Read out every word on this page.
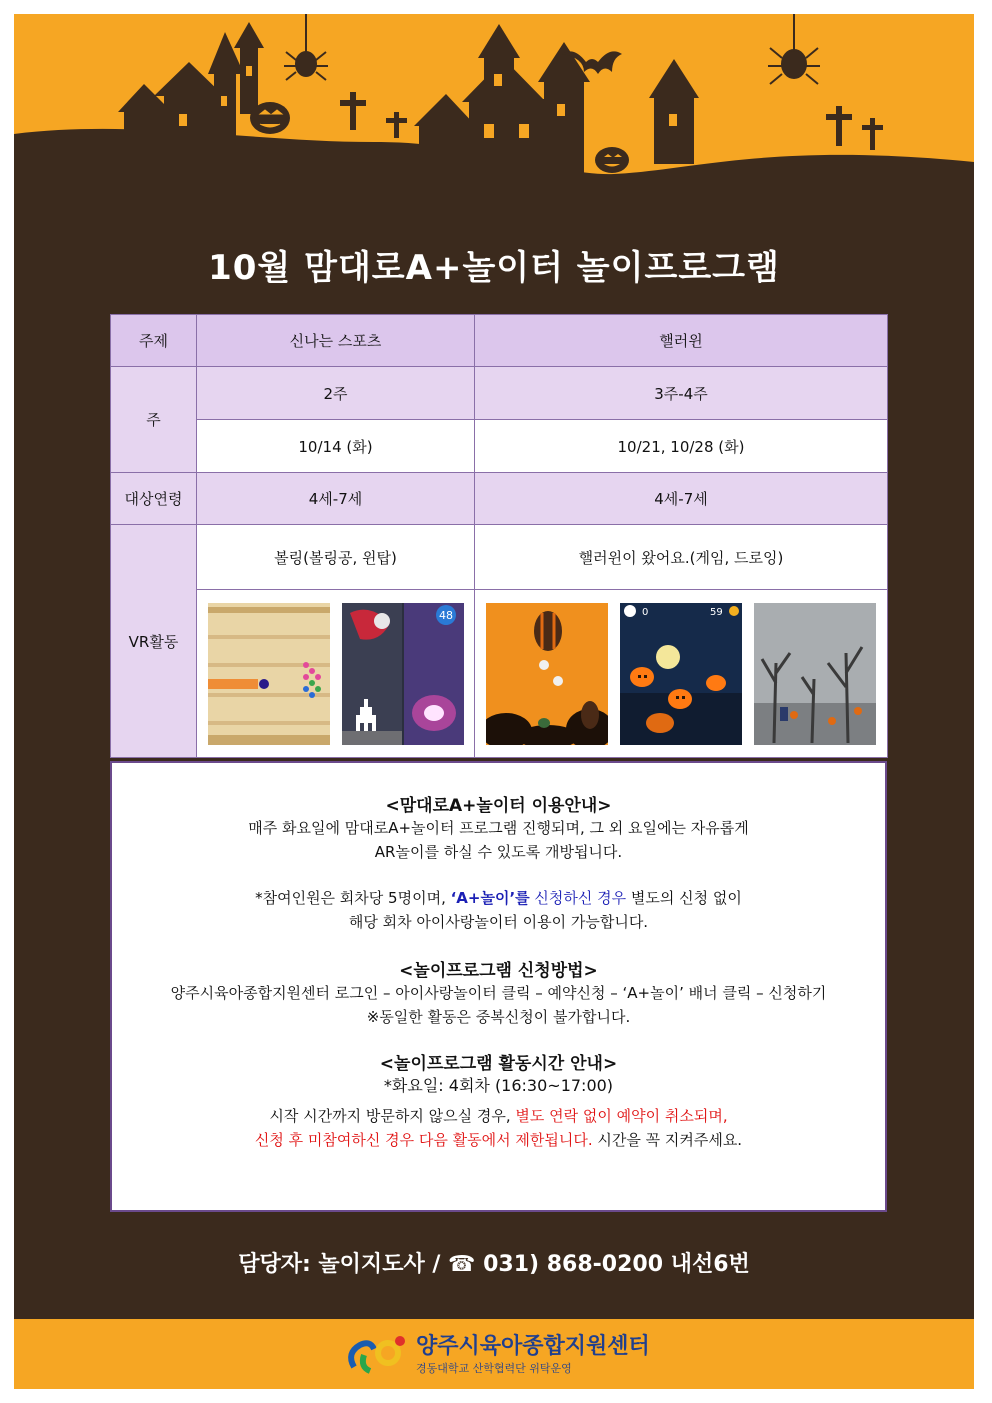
10월 맘대로A+놀이터 놀이프로그램
주제	신나는 스포츠	핼러윈
주	2주	3주-4주
	10/14 (화)	10/21, 10/28 (화)
대상연령	4세-7세	4세-7세
VR활동	볼링(볼링공, 윈탑)	핼러윈이 왔어요.(게임, 드로잉)

48	0 59
<맘대로A+놀이터 이용안내>
매주 화요일에 맘대로A+놀이터 프로그램 진행되며, 그 외 요일에는 자유롭게
AR놀이를 하실 수 있도록 개방됩니다.
*참여인원은 회차당 5명이며, ‘A+놀이’를 신청하신 경우 별도의 신청 없이
해당 회차 아이사랑놀이터 이용이 가능합니다.
<놀이프로그램 신청방법>
양주시육아종합지원센터 로그인 – 아이사랑놀이터 클릭 – 예약신청 – ‘A+놀이’ 배너 클릭 – 신청하기
※동일한 활동은 중복신청이 불가합니다.
<놀이프로그램 활동시간 안내>
*화요일: 4회차 (16:30~17:00)
시작 시간까지 방문하지 않으실 경우, 별도 연락 없이 예약이 취소되며,
신청 후 미참여하신 경우 다음 활동에서 제한됩니다. 시간을 꼭 지켜주세요.
담당자: 놀이지도사 / ☎ 031) 868-0200 내선6번
양주시육아종합지원센터
경동대학교 산학협력단 위탁운영
